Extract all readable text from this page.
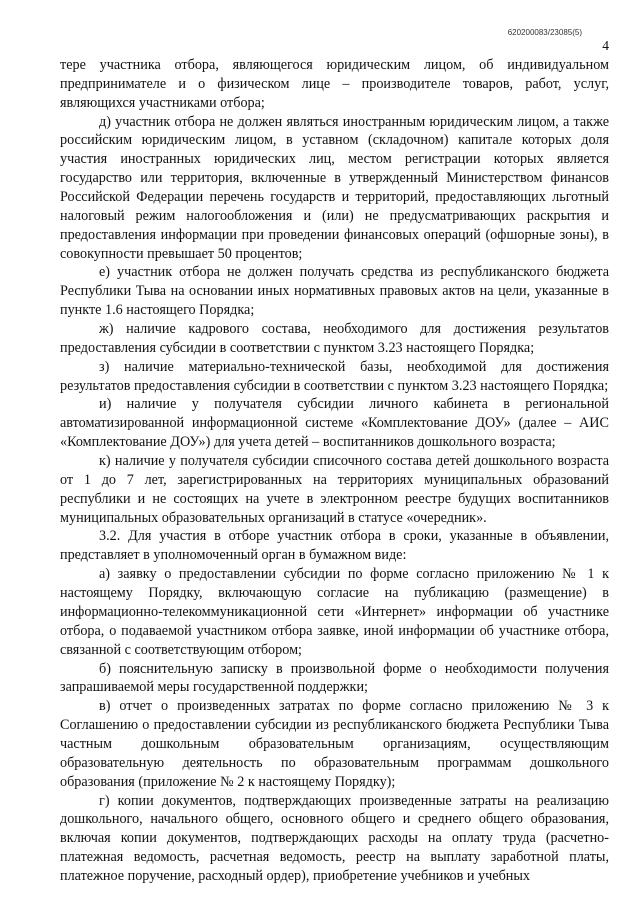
620200083/23085(5)
4

тере участника отбора, являющегося юридическим лицом, об индивидуальном предпринимателе и о физическом лице – производителе товаров, работ, услуг, являющихся участниками отбора;

д) участник отбора не должен являться иностранным юридическим лицом, а также российским юридическим лицом, в уставном (складочном) капитале которых доля участия иностранных юридических лиц, местом регистрации которых является государство или территория, включенные в утвержденный Министерством финансов Российской Федерации перечень государств и территорий, предоставляющих льготный налоговый режим налогообложения и (или) не предусматривающих раскрытия и предоставления информации при проведении финансовых операций (офшорные зоны), в совокупности превышает 50 процентов;

е) участник отбора не должен получать средства из республиканского бюджета Республики Тыва на основании иных нормативных правовых актов на цели, указанные в пункте 1.6 настоящего Порядка;

ж) наличие кадрового состава, необходимого для достижения результатов предоставления субсидии в соответствии с пунктом 3.23 настоящего Порядка;

з) наличие материально-технической базы, необходимой для достижения результатов предоставления субсидии в соответствии с пунктом 3.23 настоящего Порядка;

и) наличие у получателя субсидии личного кабинета в региональной автоматизированной информационной системе «Комплектование ДОУ» (далее – АИС «Комплектование ДОУ») для учета детей – воспитанников дошкольного возраста;

к) наличие у получателя субсидии списочного состава детей дошкольного возраста от 1 до 7 лет, зарегистрированных на территориях муниципальных образований республики и не состоящих на учете в электронном реестре будущих воспитанников муниципальных образовательных организаций в статусе «очередник».

3.2. Для участия в отборе участник отбора в сроки, указанные в объявлении, представляет в уполномоченный орган в бумажном виде:

а) заявку о предоставлении субсидии по форме согласно приложению № 1 к настоящему Порядку, включающую согласие на публикацию (размещение) в информационно-телекоммуникационной сети «Интернет» информации об участнике отбора, о подаваемой участником отбора заявке, иной информации об участнике отбора, связанной с соответствующим отбором;

б) пояснительную записку в произвольной форме о необходимости получения запрашиваемой меры государственной поддержки;

в) отчет о произведенных затратах по форме согласно приложению № 3 к Соглашению о предоставлении субсидии из республиканского бюджета Республики Тыва частным дошкольным образовательным организациям, осуществляющим образовательную деятельность по образовательным программам дошкольного образования (приложение № 2 к настоящему Порядку);

г) копии документов, подтверждающих произведенные затраты на реализацию дошкольного, начального общего, основного общего и среднего общего образования, включая копии документов, подтверждающих расходы на оплату труда (расчетно-платежная ведомость, расчетная ведомость, реестр на выплату заработной платы, платежное поручение, расходный ордер), приобретение учебников и учебных
